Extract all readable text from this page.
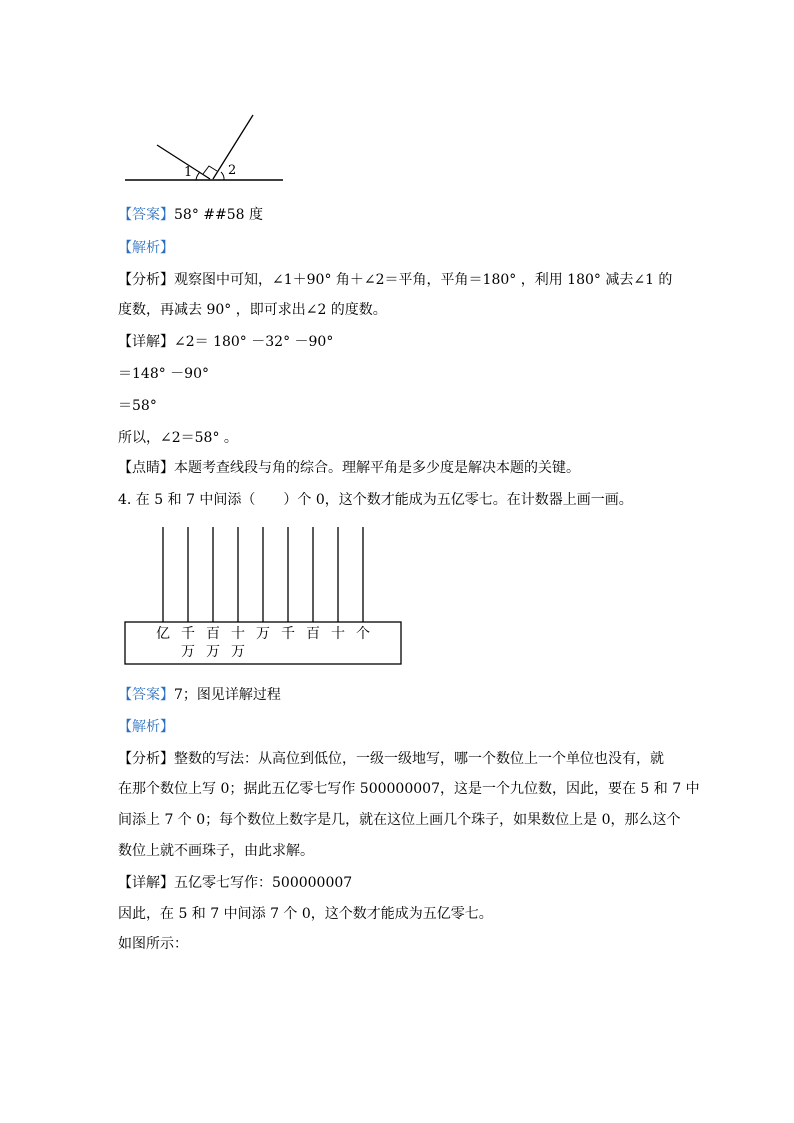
1	2
【答案】58° ##58 度
【解析】
【分析】观察图中可知，∠1＋90° 角＋∠2＝平角，平角＝180° ，利用 180° 减去∠1 的
度数，再减去 90° ，即可求出∠2 的度数。
【详解】∠2＝ 180° －32° －90°
＝148° －90°
＝58°
所以，∠2＝58° 。
【点睛】本题考查线段与角的综合。理解平角是多少度是解决本题的关键。
4. 在 5 和 7 中间添（　　）个 0，这个数才能成为五亿零七。在计数器上画一画。
亿 千
万
百
万
十
万
万 千 百 十 个
【答案】7；图见详解过程
【解析】
【分析】整数的写法：从高位到低位，一级一级地写，哪一个数位上一个单位也没有，就
在那个数位上写 0；据此五亿零七写作 500000007，这是一个九位数，因此，要在 5 和 7 中
间添上 7 个 0；每个数位上数字是几，就在这位上画几个珠子，如果数位上是 0，那么这个
数位上就不画珠子，由此求解。
【详解】五亿零七写作：500000007
因此，在 5 和 7 中间添 7 个 0，这个数才能成为五亿零七。
如图所示：
